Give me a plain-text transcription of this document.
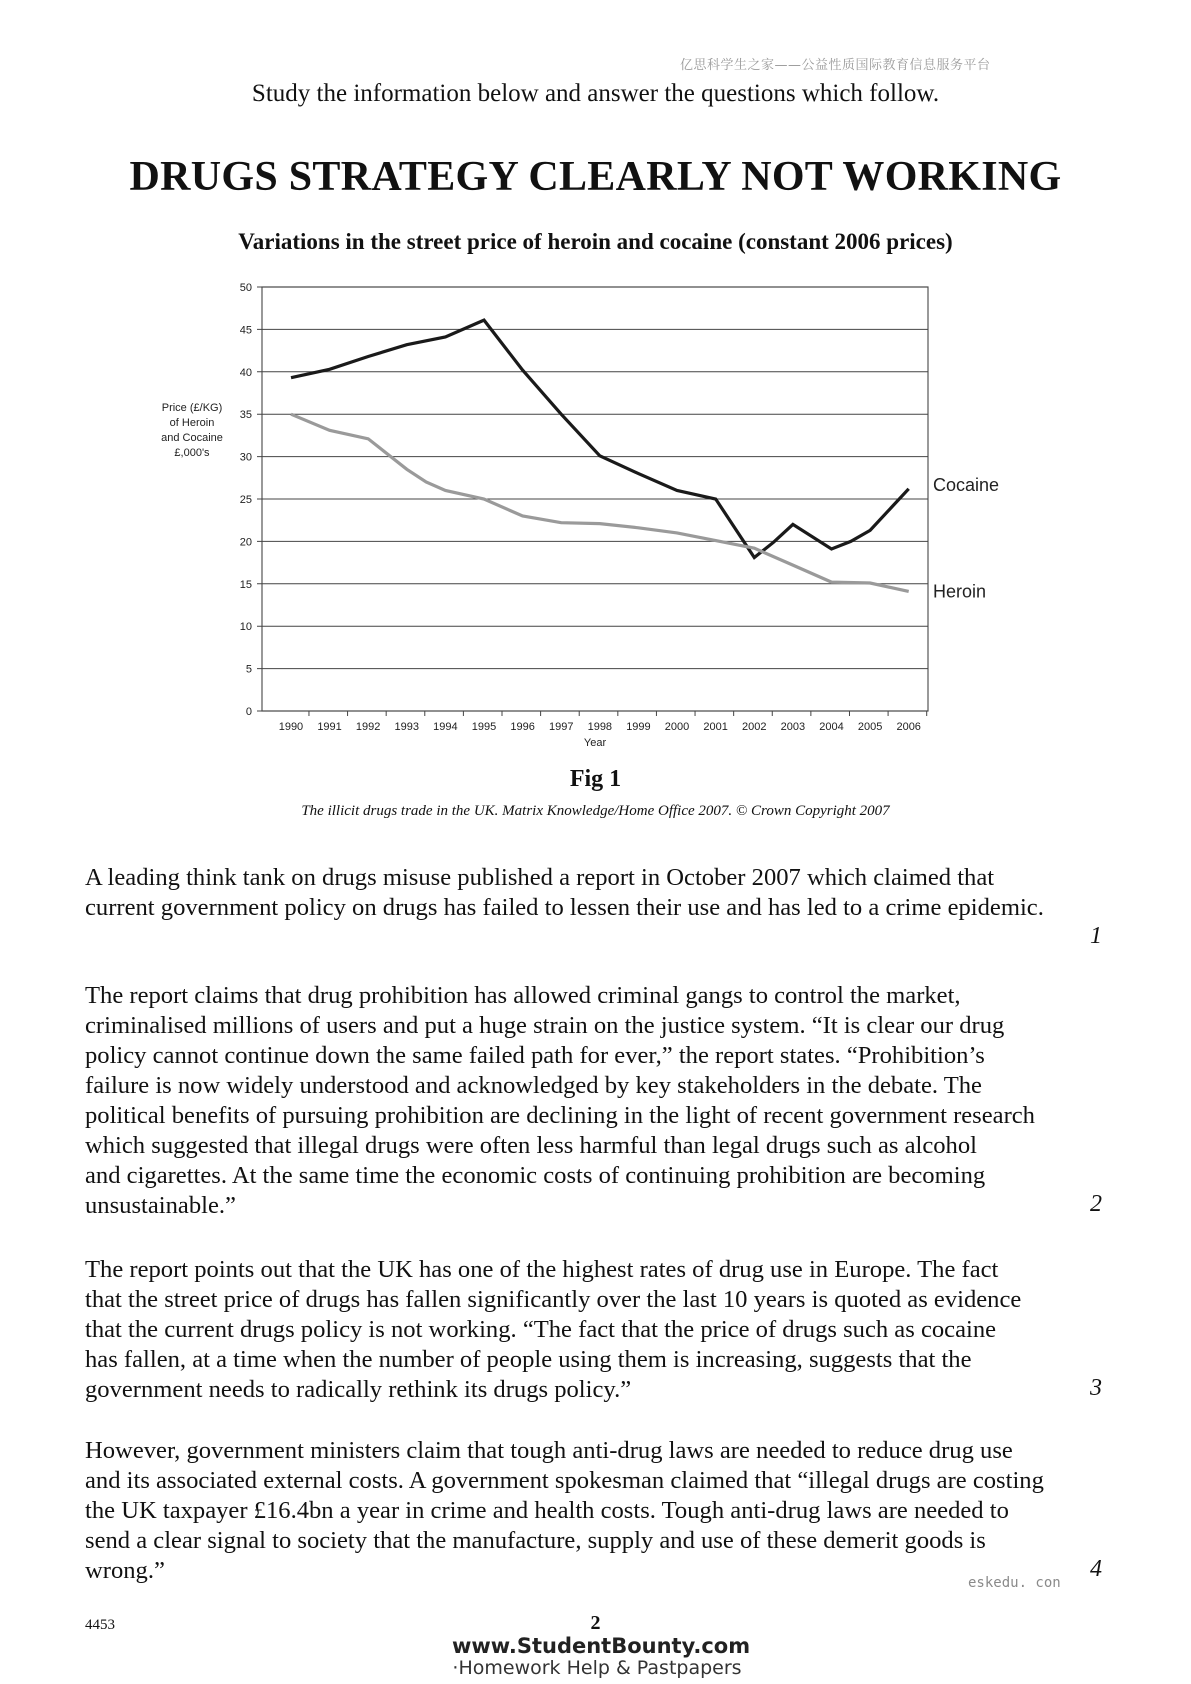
亿思科学生之家——公益性质国际教育信息服务平台
Study the information below and answer the questions which follow.
DRUGS STRATEGY CLEARLY NOT WORKING
Variations in the street price of heroin and cocaine (constant 2006 prices)
0
5
10
15
20
25
30
35
40
45
50
1990 1991 1992 1993 1994 1995 1996 1997 1998 1999 2000 2001 2002 2003 2004 2005 2006
Year
Price (£/KG)
of Heroin
and Cocaine
£,000's
Cocaine
Heroin
Fig 1
The illicit drugs trade in the UK. Matrix Knowledge/Home Office 2007. © Crown Copyright 2007
A leading think tank on drugs misuse published a report in October 2007 which claimed that
current government policy on drugs has failed to lessen their use and has led to a crime epidemic.
1
The report claims that drug prohibition has allowed criminal gangs to control the market,
criminalised millions of users and put a huge strain on the justice system. “It is clear our drug
policy cannot continue down the same failed path for ever,” the report states. “Prohibition’s
failure is now widely understood and acknowledged by key stakeholders in the debate. The
political benefits of pursuing prohibition are declining in the light of recent government research
which suggested that illegal drugs were often less harmful than legal drugs such as alcohol
and cigarettes. At the same time the economic costs of continuing prohibition are becoming
unsustainable.”	2
The report points out that the UK has one of the highest rates of drug use in Europe. The fact
that the street price of drugs has fallen significantly over the last 10 years is quoted as evidence
that the current drugs policy is not working. “The fact that the price of drugs such as cocaine
has fallen, at a time when the number of people using them is increasing, suggests that the
government needs to radically rethink its drugs policy.”	3
However, government ministers claim that tough anti-drug laws are needed to reduce drug use
and its associated external costs. A government spokesman claimed that “illegal drugs are costing
the UK taxpayer £16.4bn a year in crime and health costs. Tough anti-drug laws are needed to
send a clear signal to society that the manufacture, supply and use of these demerit goods is
wrong.”	4
eskedu. con
4453	2
www.StudentBounty.com
·Homework Help & Pastpapers
